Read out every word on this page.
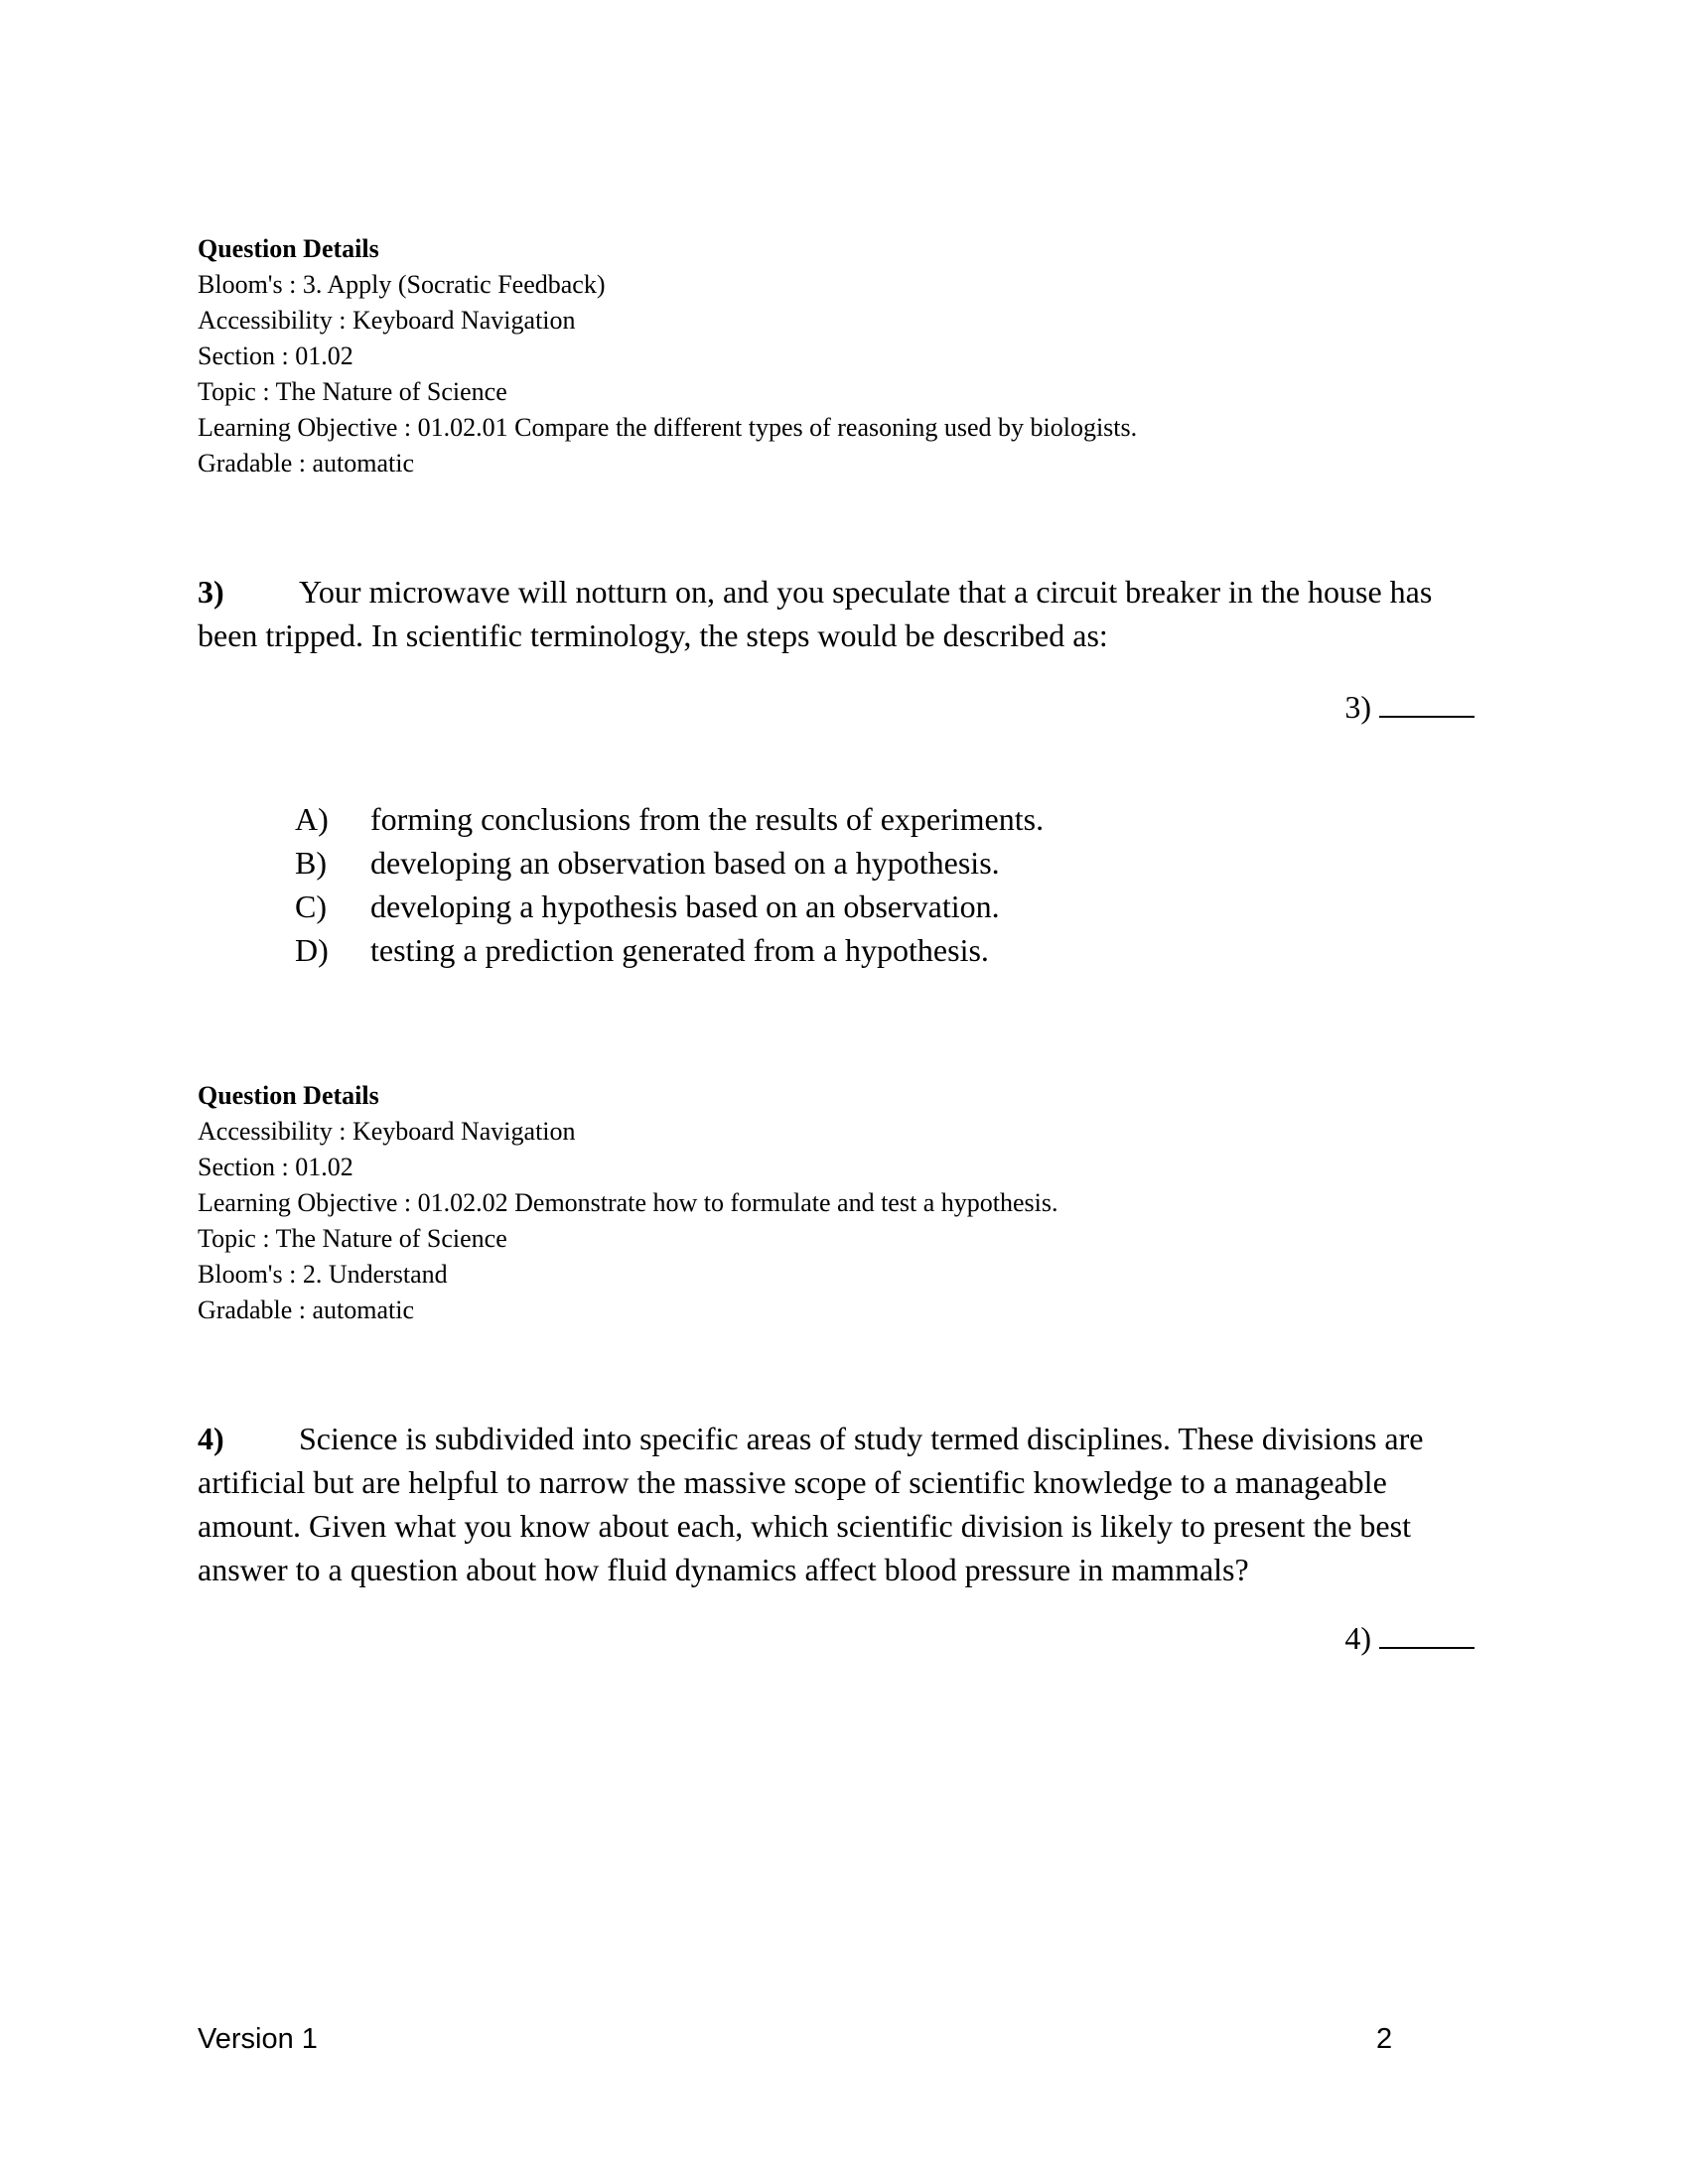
Question Details
Bloom's : 3. Apply (Socratic Feedback)
Accessibility : Keyboard Navigation
Section : 01.02
Topic : The Nature of Science
Learning Objective : 01.02.01 Compare the different types of reasoning used by biologists.
Gradable : automatic
3) Your microwave will notturn on, and you speculate that a circuit breaker in the house has been tripped. In scientific terminology, the steps would be described as:
3)
A) forming conclusions from the results of experiments.
B) developing an observation based on a hypothesis.
C) developing a hypothesis based on an observation.
D) testing a prediction generated from a hypothesis.
Question Details
Accessibility : Keyboard Navigation
Section : 01.02
Learning Objective : 01.02.02 Demonstrate how to formulate and test a hypothesis.
Topic : The Nature of Science
Bloom's : 2. Understand
Gradable : automatic
4) Science is subdivided into specific areas of study termed disciplines. These divisions are artificial but are helpful to narrow the massive scope of scientific knowledge to a manageable amount. Given what you know about each, which scientific division is likely to present the best answer to a question about how fluid dynamics affect blood pressure in mammals?
4)
Version 1	2
